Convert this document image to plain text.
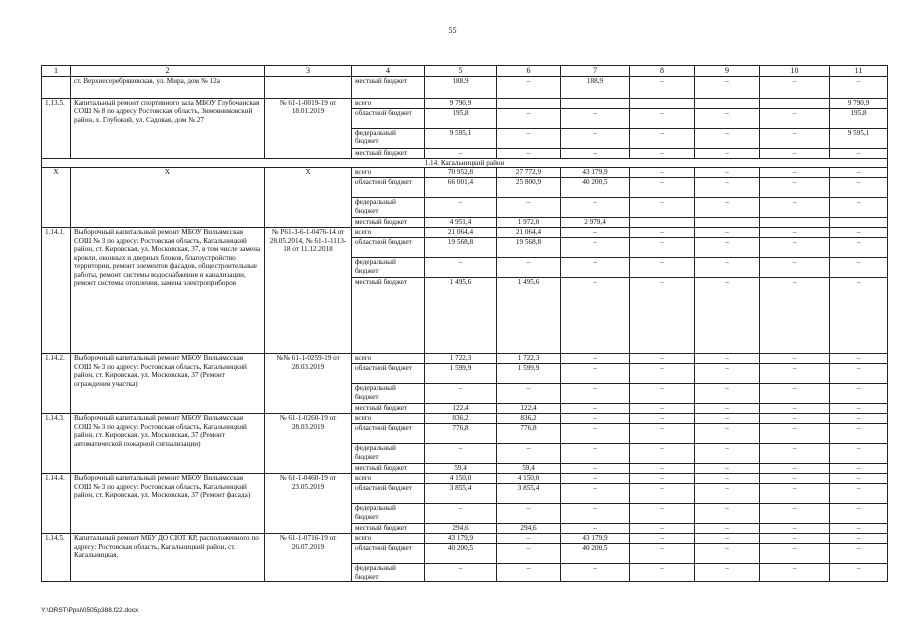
55
1	2	3	4	5	6	7	8	9	10	11
	ст. Верхнесеребряковская, ул. Мира, дом № 12а		местный бюджет	188,9	–	188,9	–	–	–	–
1.13.5.	Капитальный ремонт спортивного зала МБОУ Глубочанская СОШ № 8 по адресу Ростовская область, Зимовниковский район, х. Глубокий, ул. Садовая, дом № 27	№ 61-1-0019-19 от 18.01.2019	всего	9 790,9						9 790,9
			областной бюджет	195,8	–	–	–	–	–	195,8
			федеральный бюджет	9 595,1	–	–	–	–	–	9 595,1
			местный бюджет	–	–	–	–	–	–	–
1.14. Кагальницкий район										
Х	Х	Х	всего	70 952,8	27 772,9	43 179,9	–	–	–	–
			областной бюджет	66 001,4	25 800,9	40 200,5	–	–	–	–
			федеральный бюджет	–	–	–	–	–	–	–
			местный бюджет	4 951,4	1 972,0	2 979,4				
1.14.1.	Выборочный капитальный ремонт МБОУ Вильямсская СОШ № 3 по адресу: Ростовская область, Кагальницкий район, ст. Кировская, ул. Московская, 37, в том числе замена кровли, оконных и дверных блоков, благоустройство территории, ремонт элементов фасадов, общестроительные работы, ремонт системы водоснабжения и канализации, ремонт системы отопления, замена электроприборов	№ Р61-3-6-1-0476-14 от 28.05.2014, № 61-1-1113-18 от 11.12.2018	всего	21 064,4	21 064,4	–	–	–	–	–
			областной бюджет	19 568,8	19 568,8	–	–	–	–	–
			федеральный бюджет	–	–	–	–	–	–	–
			местный бюджет	1 495,6	1 495,6	–	–	–	–	–
1.14.2.	Выборочный капитальный ремонт МБОУ Вильямсская СОШ № 3 по адресу: Ростовская область, Кагальницкий район, ст. Кировская, ул. Московская, 37 (Ремонт ограждения участка)	№№ 61-1-0259-19 от 28.03.2019	всего	1 722,3	1 722,3	–	–	–	–	–
			областной бюджет	1 599,9	1 599,9	–	–	–	–	–
			федеральный бюджет	–	–	–	–	–	–	–
			местный бюджет	122,4	122,4	–	–	–	–	–
1.14.3.	Выборочный капитальный ремонт МБОУ Вильямсская СОШ № 3 по адресу: Ростовская область, Кагальницкий район, ст. Кировская, ул. Московская, 37 (Ремонт автоматической пожарной сигнализации)	№ 61-1-0260-19 от 28.03.2019	всего	836,2	836,2	–	–	–	–	–
			областной бюджет	776,8	776,8	–	–	–	–	–
			федеральный бюджет	–	–	–	–	–	–	–
			местный бюджет	59,4	59,4	–	–	–	–	–
1.14.4.	Выборочный капитальный ремонт МБОУ Вильямсская СОШ № 3 по адресу: Ростовская область, Кагальницкий район, ст. Кировская, ул. Московская, 37 (Ремонт фасада)	№ 61-1-0460-19 от 23.05.2019	всего	4 150,0	4 150,0	–	–	–	–	–
			областной бюджет	3 855,4	3 855,4	–	–	–	–	–
			федеральный бюджет	–	–	–	–	–	–	–
			местный бюджет	294,6	294,6	–	–	–	–	–
1.14.5.	Капитальный ремонт МБУ ДО СЮТ КР, расположенного по адресу: Ростовская область, Кагальницкий район, ст. Кагальницкая,	№ 61-1-0716-19 от 26.07.2019	всего	43 179,9	–	43 179,9	–	–	–	–
			областной бюджет	40 200,5	–	40 200,5	–	–	–	–
			федеральный бюджет	–	–	–	–	–	–	–
Y:\ORST\Ppsi\0505p388.f22.docx
